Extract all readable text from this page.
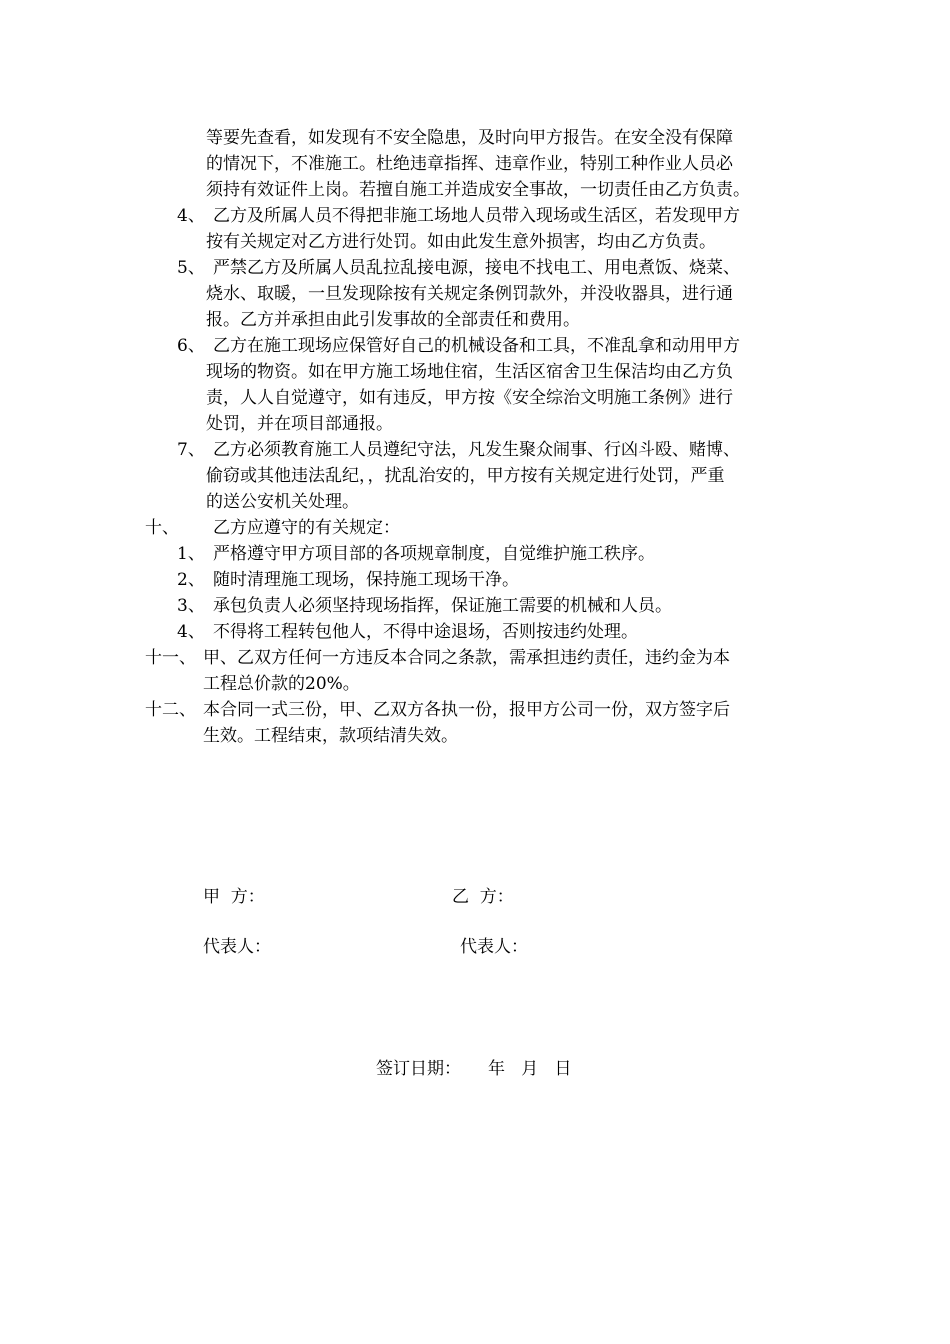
等要先查看，如发现有不安全隐患，及时向甲方报告。在安全没有保障
的情况下，不准施工。杜绝违章指挥、违章作业，特别工种作业人员必
须持有效证件上岗。若擅自施工并造成安全事故，一切责任由乙方负责。
4、 乙方及所属人员不得把非施工场地人员带入现场或生活区，若发现甲方
按有关规定对乙方进行处罚。如由此发生意外损害，均由乙方负责。
5、 严禁乙方及所属人员乱拉乱接电源，接电不找电工、用电煮饭、烧菜、
烧水、取暖，一旦发现除按有关规定条例罚款外，并没收器具，进行通
报。乙方并承担由此引发事故的全部责任和费用。
6、 乙方在施工现场应保管好自己的机械设备和工具，不准乱拿和动用甲方
现场的物资。如在甲方施工场地住宿，生活区宿舍卫生保洁均由乙方负
责，人人自觉遵守，如有违反，甲方按《安全综治文明施工条例》进行
处罚，并在项目部通报。
7、 乙方必须教育施工人员遵纪守法，凡发生聚众闹事、行凶斗殴、赌博、
偷窃或其他违法乱纪，，扰乱治安的，甲方按有关规定进行处罚，严重
的送公安机关处理。
十、 乙方应遵守的有关规定：
1、 严格遵守甲方项目部的各项规章制度，自觉维护施工秩序。
2、 随时清理施工现场，保持施工现场干净。
3、 承包负责人必须坚持现场指挥，保证施工需要的机械和人员。
4、 不得将工程转包他人，不得中途退场，否则按违约处理。
十一、 甲、乙双方任何一方违反本合同之条款，需承担违约责任，违约金为本
工程总价款的20%。
十二、 本合同一式三份，甲、乙双方各执一份，报甲方公司一份，双方签字后
生效。工程结束，款项结清失效。
甲  方：	乙  方：
代表人：	代表人：
签订日期：     年   月   日
